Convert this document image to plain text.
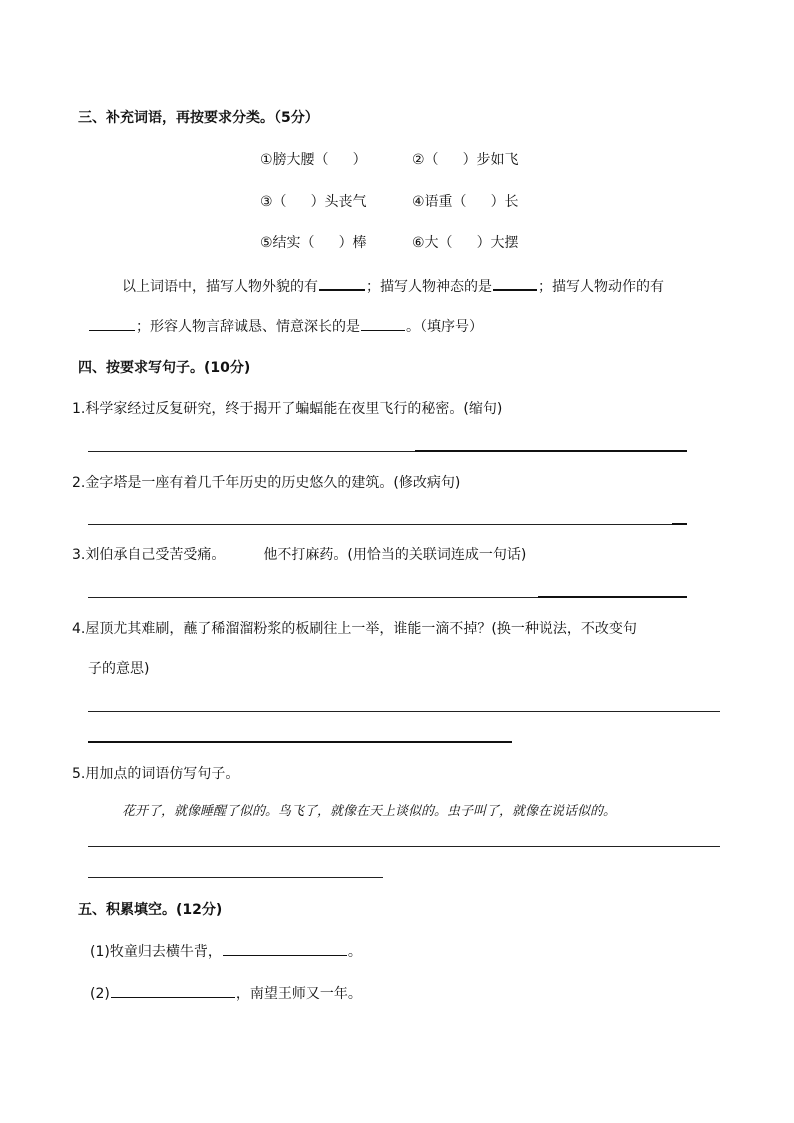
三、补充词语，再按要求分类。（5分）
①膀大腰（ ）	②（ ）步如飞
③（ ）头丧气	④语重（ ）长
⑤结实（ ）棒	⑥大（ ）大摆
以上词语中，描写人物外貌的有	；描写人物神态的是	；描写人物动作的有
；形容人物言辞诚恳、情意深长的是	。（填序号）
四、按要求写句子。(10分)
1.科学家经过反复研究，终于揭开了蝙蝠能在夜里飞行的秘密。(缩句)
2.金字塔是一座有着几千年历史的历史悠久的建筑。(修改病句)
3.刘伯承自己受苦受痛。	他不打麻药。(用恰当的关联词连成一句话)
4.屋顶尤其难刷，蘸了稀溜溜粉浆的板刷往上一举，谁能一滴不掉？(换一种说法，不改变句
子的意思)
5.用加点的词语仿写句子。
花开了，就像睡醒了似的。鸟飞了，就像在天上谈似的。虫子叫了，就像在说话似的。
五、积累填空。(12分)
(1)牧童归去横牛背，	。
(2)	，南望王师又一年。
